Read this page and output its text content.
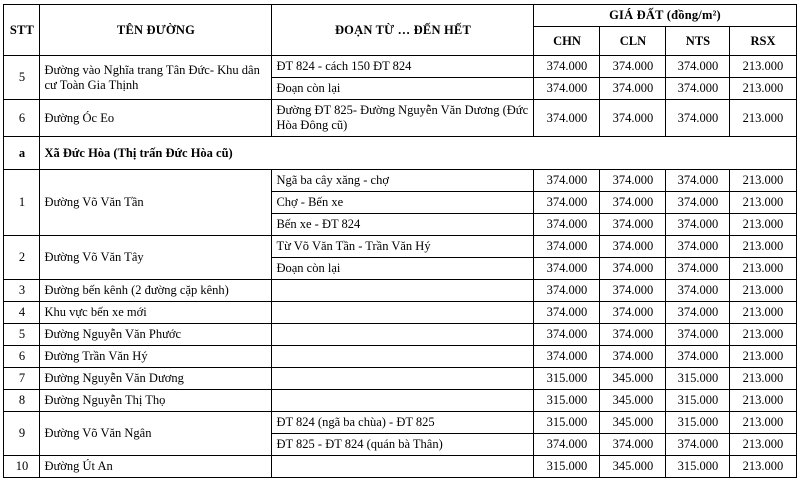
STT	TÊN ĐƯỜNG	ĐOẠN TỪ … ĐẾN HẾT	GIÁ ĐẤT (đồng/m²)			
			CHN	CLN	NTS	RSX
5	Đường vào Nghĩa trang Tân Đức- Khu dân cư Toàn Gia Thịnh	ĐT 824 - cách 150 ĐT 824	374.000	374.000	374.000	213.000
		Đoạn còn lại	374.000	374.000	374.000	213.000
6	Đường Óc Eo	Đường ĐT 825- Đường Nguyễn Văn Dương (Đức Hòa Đông cũ)	374.000	374.000	374.000	213.000
a	Xã Đức Hòa (Thị trấn Đức Hòa cũ)					
1	Đường Võ Văn Tần	Ngã ba cây xăng - chợ	374.000	374.000	374.000	213.000
		Chợ - Bến xe	374.000	374.000	374.000	213.000
		Bến xe - ĐT 824	374.000	374.000	374.000	213.000
2	Đường Võ Văn Tây	Từ Võ Văn Tần - Trần Văn Hý	374.000	374.000	374.000	213.000
		Đoạn còn lại	374.000	374.000	374.000	213.000
3	Đường bến kênh (2 đường cặp kênh)		374.000	374.000	374.000	213.000
4	Khu vực bến xe mới		374.000	374.000	374.000	213.000
5	Đường Nguyễn Văn Phước		374.000	374.000	374.000	213.000
6	Đường Trần Văn Hý		374.000	374.000	374.000	213.000
7	Đường Nguyễn Văn Dương		315.000	345.000	315.000	213.000
8	Đường Nguyễn Thị Thọ		315.000	345.000	315.000	213.000
9	Đường Võ Văn Ngân	ĐT 824 (ngã ba chùa) - ĐT 825	315.000	345.000	315.000	213.000
		ĐT 825 - ĐT 824 (quán bà Thân)	374.000	374.000	374.000	213.000
10	Đường Út An		315.000	345.000	315.000	213.000
